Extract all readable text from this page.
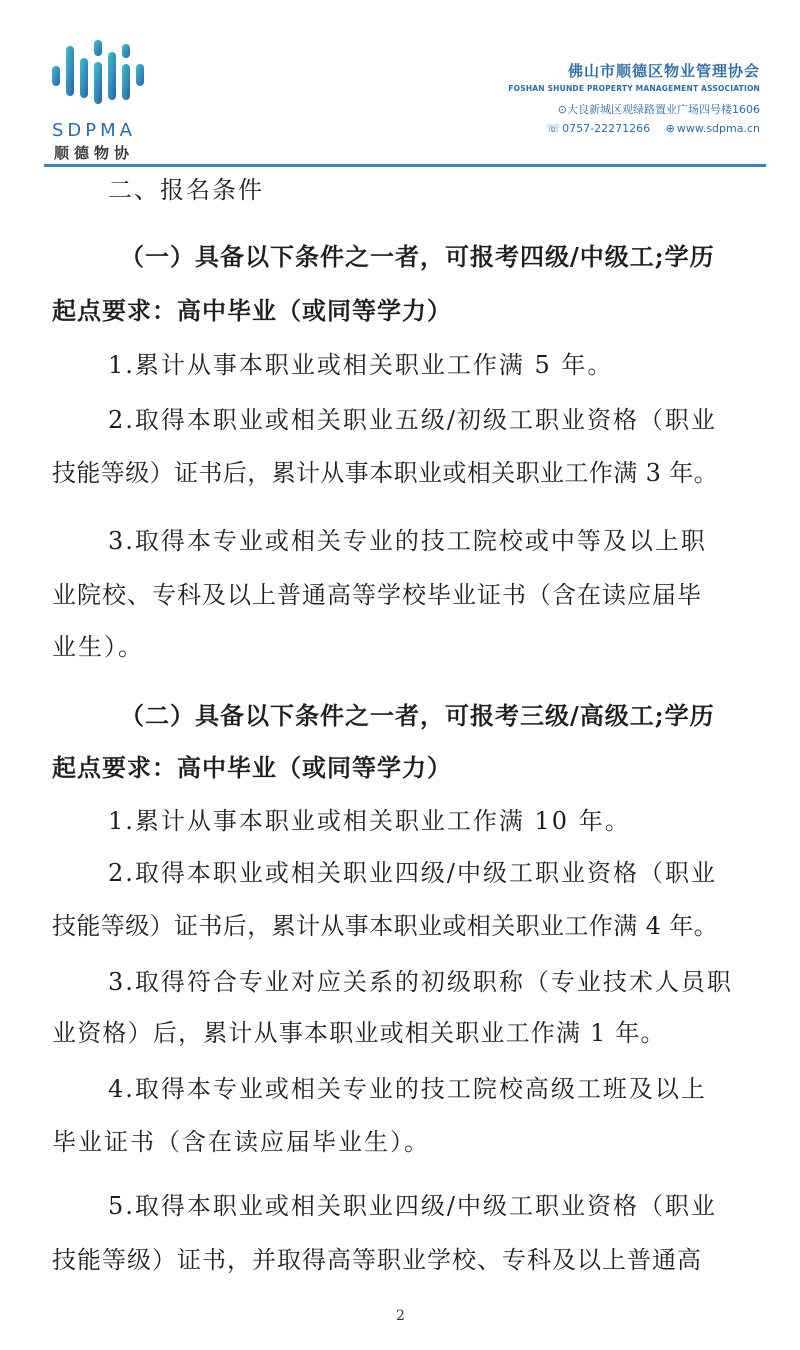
SDPMA
顺德物协
佛山市顺德区物业管理协会
FOSHAN SHUNDE PROPERTY MANAGEMENT ASSOCIATION
⊙大良新城区观绿路置业广场四号楼1606
☏ 0757-22271266 ⊕ www.sdpma.cn
二、报名条件
（一）具备以下条件之一者，可报考四级/中级工;学历
起点要求：高中毕业（或同等学力）
1.累计从事本职业或相关职业工作满 5 年。
2.取得本职业或相关职业五级/初级工职业资格（职业
技能等级）证书后，累计从事本职业或相关职业工作满 3 年。
3.取得本专业或相关专业的技工院校或中等及以上职
业院校、专科及以上普通高等学校毕业证书（含在读应届毕
业生）。
（二）具备以下条件之一者，可报考三级/高级工;学历
起点要求：高中毕业（或同等学力）
1.累计从事本职业或相关职业工作满 10 年。
2.取得本职业或相关职业四级/中级工职业资格（职业
技能等级）证书后，累计从事本职业或相关职业工作满 4 年。
3.取得符合专业对应关系的初级职称（专业技术人员职
业资格）后，累计从事本职业或相关职业工作满 1 年。
4.取得本专业或相关专业的技工院校高级工班及以上
毕业证书（含在读应届毕业生）。
5.取得本职业或相关职业四级/中级工职业资格（职业
技能等级）证书，并取得高等职业学校、专科及以上普通高
2
